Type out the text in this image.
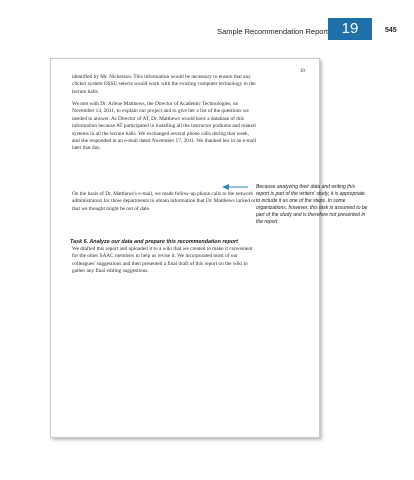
Sample Recommendation Report 19	545
10

identified by Mr. Nickerson. This information would be necessary to ensure that any clicker system OSSU selects would work with the existing computer technology in the lecture halls.

We met with Dr. Arlene Matthews, the Director of Academic Technologies, on November 14, 2011, to explain our project and to give her a list of the questions we needed to answer. As Director of AT, Dr. Matthews would have a database of this information because AT participated in installing all the instructor podiums and related systems in all the lecture halls. We exchanged several phone calls during that week, and she responded in an e-mail dated November 17, 2011. We thanked her in an e-mail later that day.

On the basis of Dr. Matthews's e-mail, we made follow-up phone calls to the network administrators for three departments to obtain information that Dr. Matthews lacked or that we thought might be out of date.

Task 6. Analyze our data and prepare this recommendation report

We drafted this report and uploaded it to a wiki that we created to make it convenient for the other SAAC members to help us revise it. We incorporated most of our colleagues' suggestions and then presented a final draft of this report on the wiki to gather any final editing suggestions.

Because analyzing their data and writing this report is part of the writers' study, it is appropriate to include it as one of the steps. In some organizations, however, this task is assumed to be part of the study and is therefore not presented in the report.
